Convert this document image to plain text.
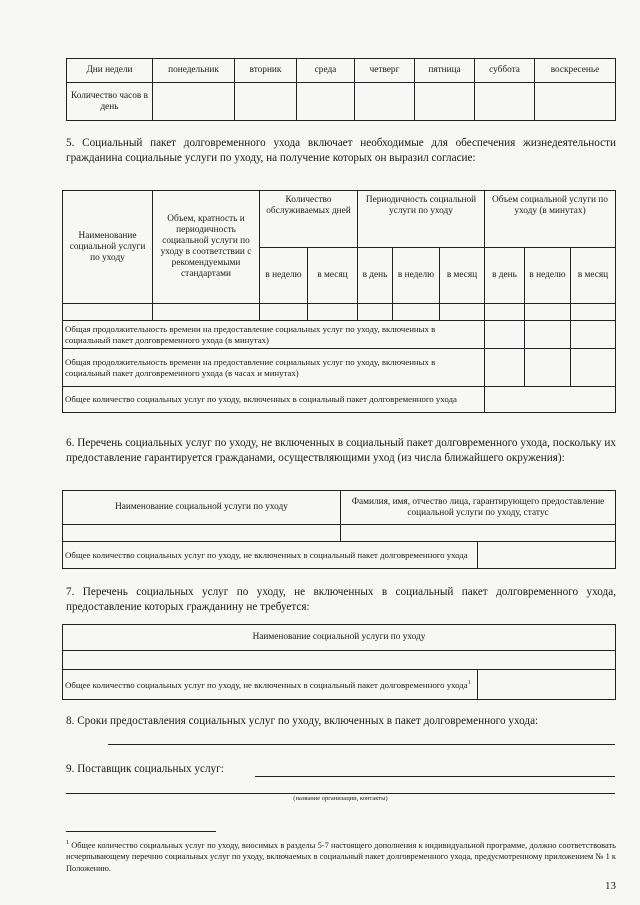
Дни недели	понедельник	вторник	среда	четверг	пятница	суббота	воскресенье
Количество часов в день							
5. Социальный пакет долговременного ухода включает необходимые для обеспечения жизнедеятельности гражданина социальные услуги по уходу, на получение которых он выразил согласие:
Наименование социальной услуги по уходу	Объем, кратность и периодичность социальной услуги по уходу в соответствии с рекомендуемыми стандартами	Количество обслуживаемых дней		Периодичность социальной услуги по уходу			Объем социальной услуги по уходу (в минутах)		
		в неделю	в месяц	в день	в неделю	в месяц	в день	в неделю	в месяц

Общая продолжительность времени на предоставление социальных услуг по уходу, включенных в социальный пакет долговременного ухода (в минутах)									
Общая продолжительность времени на предоставление социальных услуг по уходу, включенных в социальный пакет долговременного ухода (в часах и минутах)									
Общее количество социальных услуг по уходу, включенных в социальный пакет долговременного ухода									
6. Перечень социальных услуг по уходу, не включенных в социальный пакет долговременного ухода, поскольку их предоставление гарантируется гражданами, осуществляющими уход (из числа ближайшего окружения):
Наименование социальной услуги по уходу	Фамилия, имя, отчество лица, гарантирующего предоставление социальной услуги по уходу, статус	

Общее количество социальных услуг по уходу, не включенных в социальный пакет долговременного ухода		
7. Перечень социальных услуг по уходу, не включенных в социальный пакет долговременного ухода, предоставление которых гражданину не требуется:
Наименование социальной услуги по уходу

Общее количество социальных услуг по уходу, не включенных в социальный пакет долговременного ухода$^1$	
8. Сроки предоставления социальных услуг по уходу, включенных в пакет долговременного ухода:
9. Поставщик социальных услуг:
(название организации, контакты)
$^1$ Общее количество социальных услуг по уходу, вносимых в разделы 5-7 настоящего дополнения к индивидуальной программе, должно соответствовать исчерпывающему перечню социальных услуг по уходу, включаемых в социальный пакет долговременного ухода, предусмотренному приложением № 1 к Положению.
13
